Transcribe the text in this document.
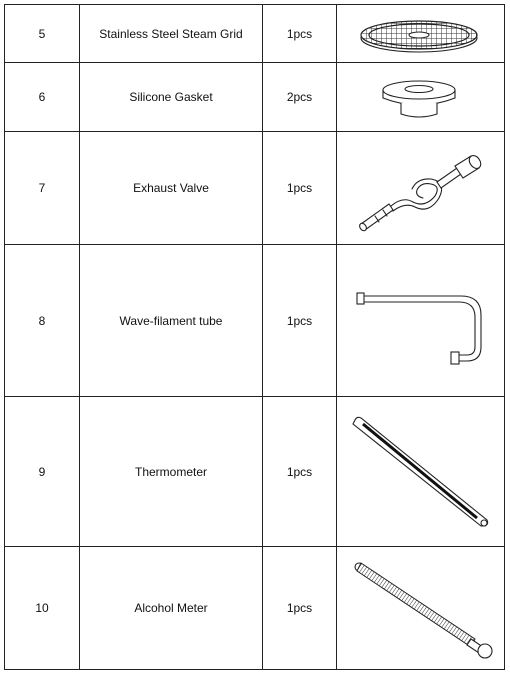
5	Stainless Steel Steam Grid	1pcs	

6	Silicone Gasket	2pcs	

7	Exhaust Valve	1pcs	

8	Wave-filament tube	1pcs	

9	Thermometer	1pcs	

10	Alcohol Meter	1pcs	
